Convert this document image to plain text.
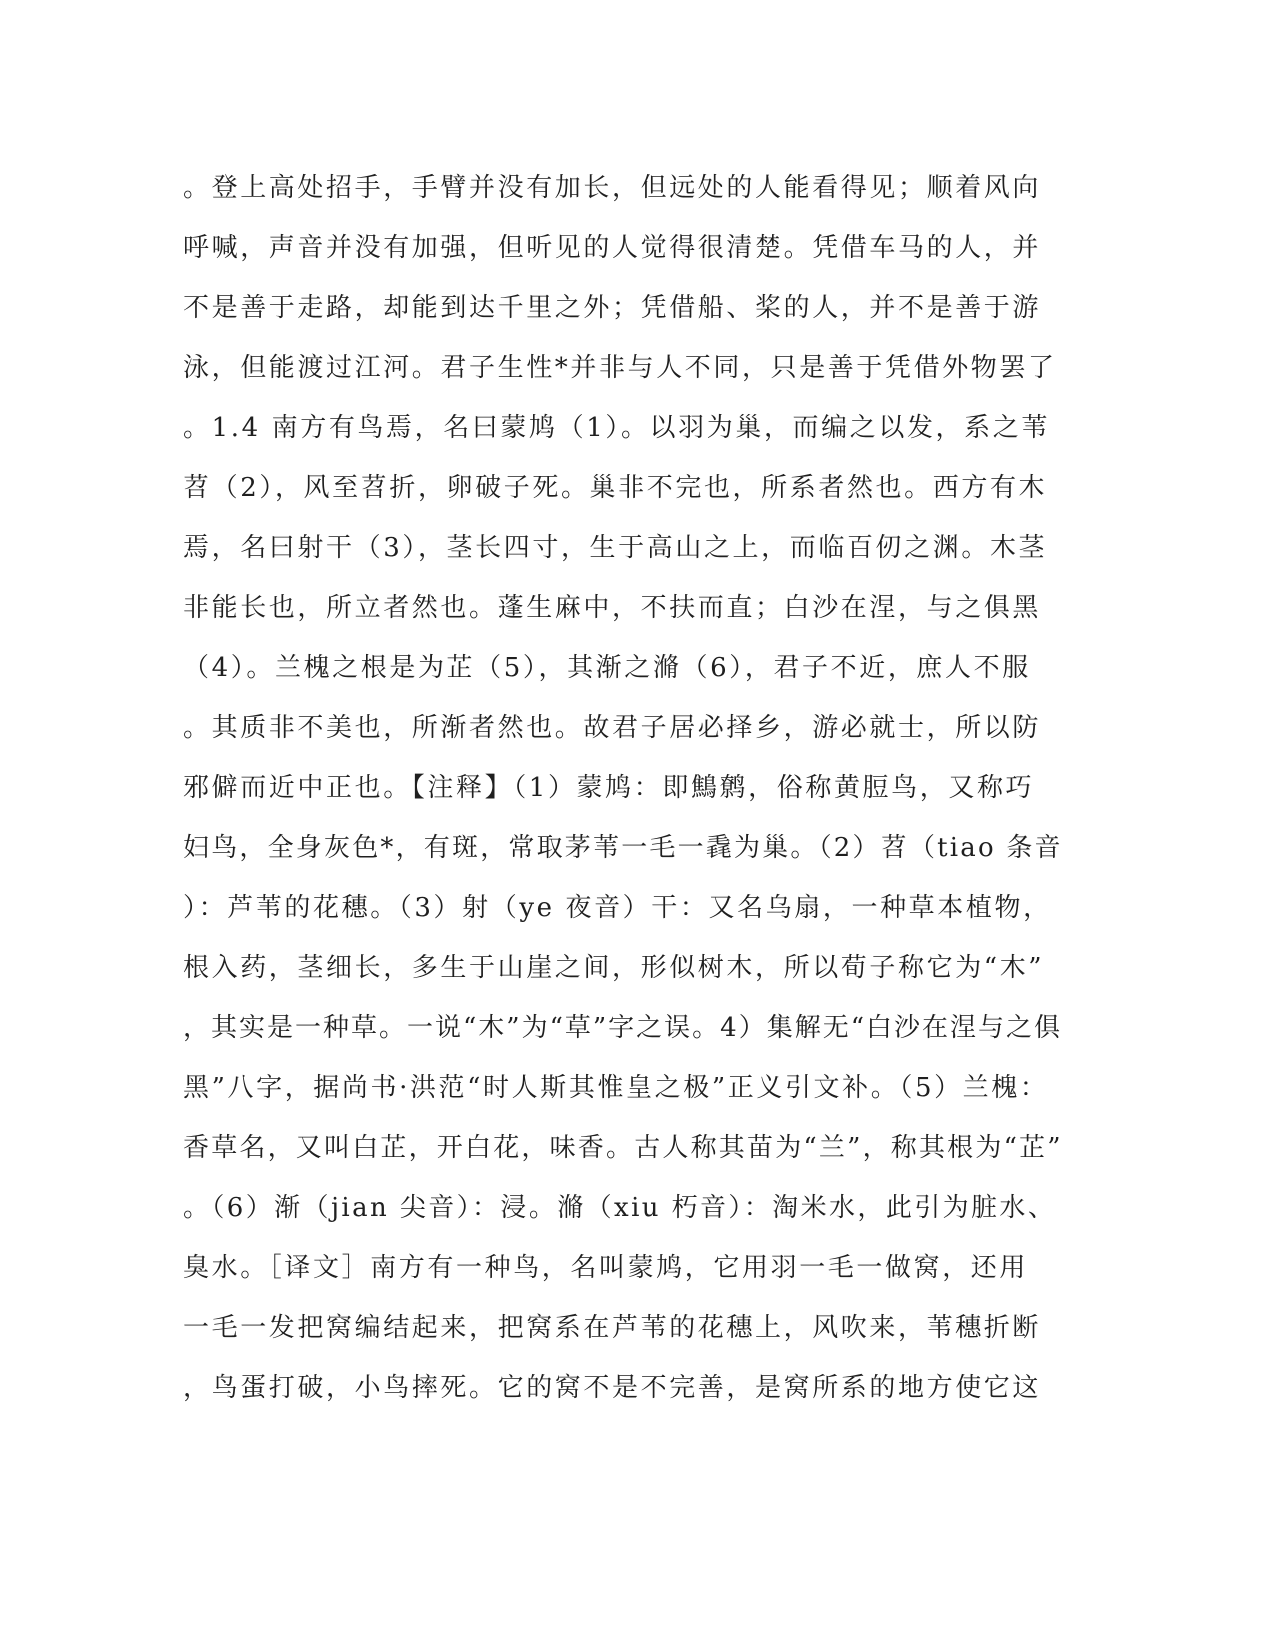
。登上高处招手，手臂并没有加长，但远处的人能看得见；顺着风向
呼喊，声音并没有加强，但听见的人觉得很清楚。凭借车马的人，并
不是善于走路，却能到达千里之外；凭借船、桨的人，并不是善于游
泳，但能渡过江河。君子生性*并非与人不同，只是善于凭借外物罢了
。1.4 南方有鸟焉，名曰蒙鸠（1）。以羽为巢，而编之以发，系之苇
苕（2），风至苕折，卵破子死。巢非不完也，所系者然也。西方有木
焉，名曰射干（3），茎长四寸，生于高山之上，而临百仞之渊。木茎
非能长也，所立者然也。蓬生麻中，不扶而直；白沙在涅，与之俱黑
（4）。兰槐之根是为芷（5），其渐之滫（6），君子不近，庶人不服
。其质非不美也，所渐者然也。故君子居必择乡，游必就士，所以防
邪僻而近中正也。【注释】（1）蒙鸠：即鷦鹩，俗称黄脰鸟，又称巧
妇鸟，全身灰色*，有斑，常取茅苇一毛一毳为巢。（2）苕（tiao 条音
）：芦苇的花穗。（3）射（ye 夜音）干：又名乌扇，一种草本植物，
根入药，茎细长，多生于山崖之间，形似树木，所以荀子称它为“木”
，其实是一种草。一说“木”为“草”字之误。4）集解无“白沙在涅与之俱
黑”八字，据尚书·洪范“时人斯其惟皇之极”正义引文补。（5）兰槐：
香草名，又叫白芷，开白花，味香。古人称其苗为“兰”，称其根为“芷”
。（6）渐（jian 尖音）：浸。滫（xiu 朽音）：淘米水，此引为脏水、
臭水。［译文］南方有一种鸟，名叫蒙鸠，它用羽一毛一做窝，还用
一毛一发把窝编结起来，把窝系在芦苇的花穗上，风吹来，苇穗折断
，鸟蛋打破，小鸟摔死。它的窝不是不完善，是窝所系的地方使它这
